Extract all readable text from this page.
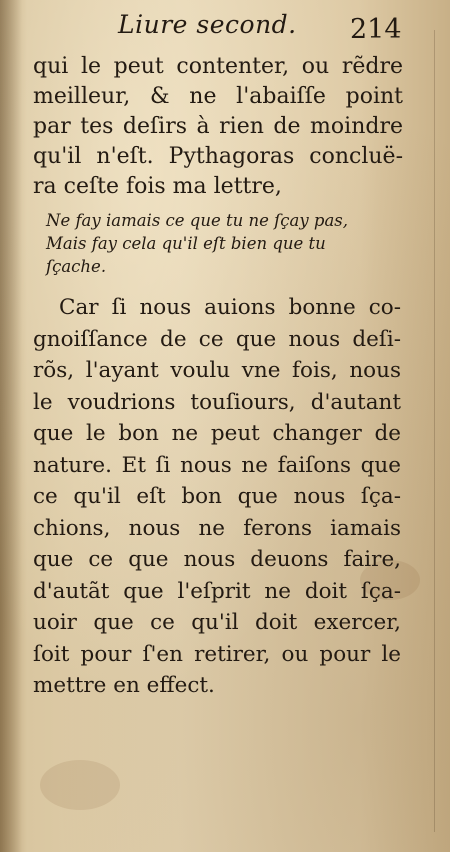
Liure second. 214
qui le peut contenter, ou rẽdre
meilleur, & ne l'abaiſſe point
par tes deſirs à rien de moindre
qu'il n'eſt. Pythagoras concluë-
ra ceſte fois ma lettre,
Ne fay iamais ce que tu ne ſçay pas,
Mais fay cela qu'il eſt bien que tu
ſçache.
Car ſi nous auions bonne co-
gnoiſſance de ce que nous deſi-
rõs, l'ayant voulu vne fois, nous
le voudrions touſiours, d'autant
que le bon ne peut changer de
nature. Et ſi nous ne faiſons que
ce qu'il eſt bon que nous ſça-
chions, nous ne ferons iamais
que ce que nous deuons faire,
d'autãt que l'eſprit ne doit ſça-
uoir que ce qu'il doit exercer,
ſoit pour ſ'en retirer, ou pour le
mettre en effect.
